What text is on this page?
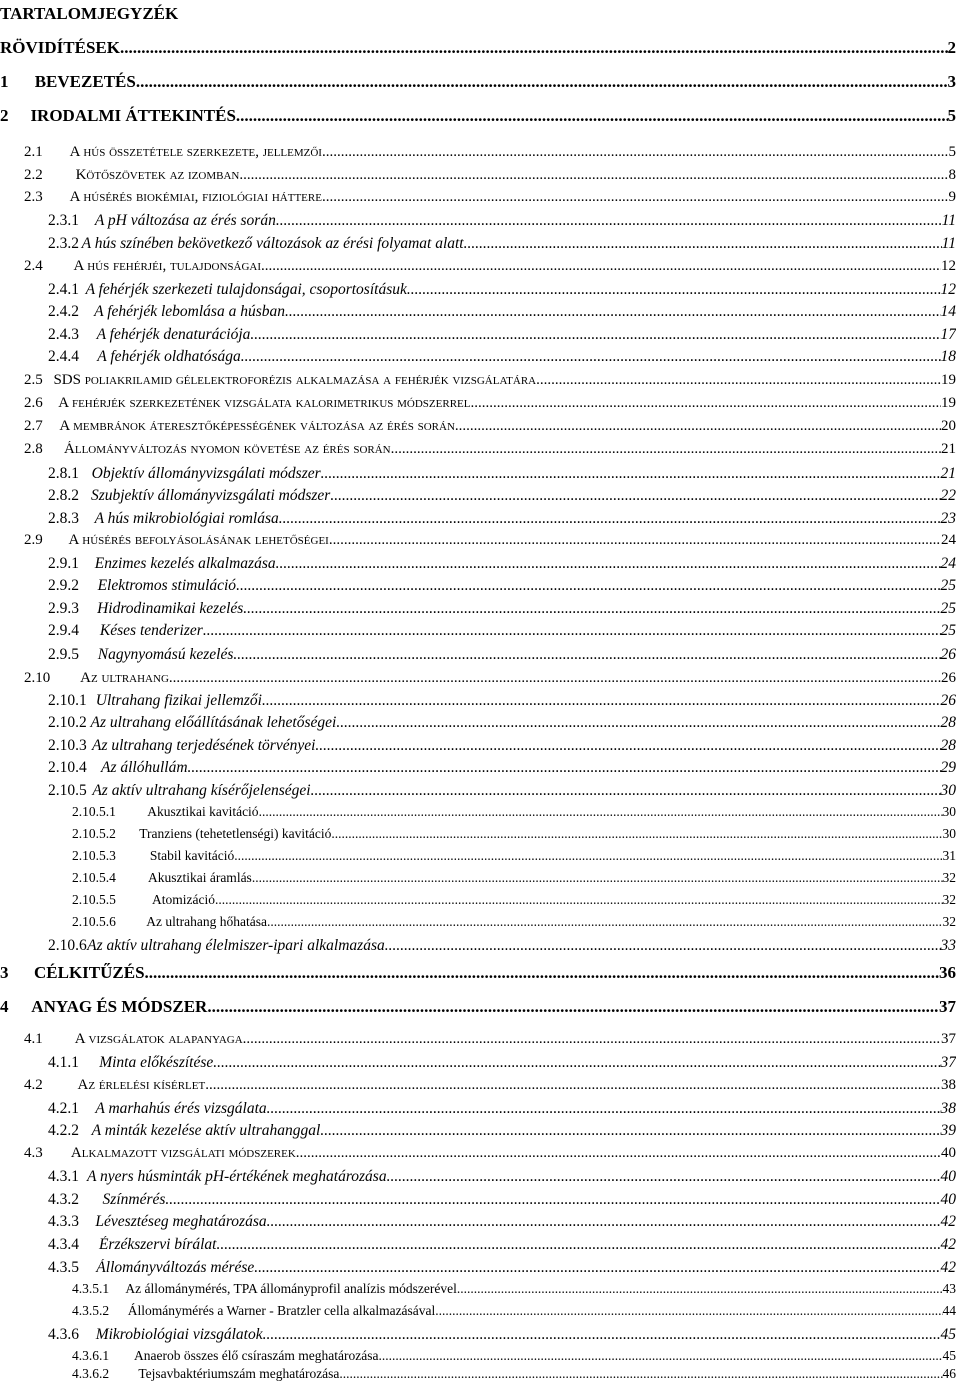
TARTALOMJEGYZÉK
RÖVIDÍTÉSEK .....	2
1	BEVEZETÉS .....	3
2	IRODALMI ÁTTEKINTÉS .....	5
2.1	A hús összetétele szerkezete, jellemzői .....	5
2.2	Kötőszövetek az izomban .....	8
2.3	A húsérés biokémiai, fiziológiai háttere .....	9
2.3.1	A pH változása az érés során .....	11
2.3.2 A hús színében bekövetkező változások az érési folyamat alatt .....	11
2.4	A hús fehérjéi, tulajdonságai .....	12
2.4.1 A fehérjék szerkezeti tulajdonságai, csoportosításuk .....	12
2.4.2 A fehérjék lebomlása a húsban .....	14
2.4.3	A fehérjék denaturációja .....	17
2.4.4	A fehérjék oldhatósága .....	18
2.5 SDS poliakrilamid gélelektroforézis alkalmazása a fehérjék vizsgálatára .....	19
2.6	A fehérjék szerkezetének vizsgálata kalorimetrikus módszerrel .....	19
2.7	A membránok áteresztőképességének változása az érés során .....	20
2.8	Állományváltozás nyomon követése az érés során .....	21
2.8.1 Objektív állományvizsgálati módszer .....	21
2.8.2 Szubjektív állományvizsgálati módszer .....	22
2.8.3	A hús mikrobiológiai romlása .....	23
2.9	A húsérés befolyásolásának lehetőségei .....	24
2.9.1	Enzimes kezelés alkalmazása .....	24
2.9.2	Elektromos stimuláció .....	25
2.9.3	Hidrodinamikai kezelés .....	25
2.9.4	Késes tenderizer .....	25
2.9.5	Nagynyomású kezelés .....	26
2.10	Az ultrahang .....	26
2.10.1 Ultrahang fizikai jellemzői .....	26
2.10.2 Az ultrahang előállításának lehetőségei .....	28
2.10.3 Az ultrahang terjedésének törvényei .....	28
2.10.4 Az állóhullám .....	29
2.10.5 Az aktív ultrahang kísérőjelenségei .....	30
2.10.5.1	Akusztikai kavitáció .....	30
2.10.5.2	Tranziens (tehetetlenségi) kavitáció .....	30
2.10.5.3	Stabil kavitáció .....	31
2.10.5.4	Akusztikai áramlás .....	32
2.10.5.5	Atomizáció .....	32
2.10.5.6	Az ultrahang hőhatása .....	32
2.10.6 Az aktív ultrahang élelmiszer-ipari alkalmazása .....	33
3	CÉLKITŰZÉS .....	36
4	ANYAG ÉS MÓDSZER .....	37
4.1	A vizsgálatok alapanyaga .....	37
4.1.1	Minta előkészítése .....	37
4.2	Az érlelési kísérlet .....	38
4.2.1	A marhahús érés vizsgálata .....	38
4.2.2 A minták kezelése aktív ultrahanggal .....	39
4.3	Alkalmazott vizsgálati módszerek .....	40
4.3.1 A nyers húsminták pH-értékének meghatározása .....	40
4.3.2	Színmérés .....	40
4.3.3	Lévesztéseg meghatározása .....	42
4.3.4	Érzékszervi bírálat .....	42
4.3.5	Állományváltozás mérése .....	42
4.3.5.1	Az állománymérés, TPA állományprofil analízis módszerével .....	43
4.3.5.2	Állománymérés a Warner - Bratzler cella alkalmazásával .....	44
4.3.6	Mikrobiológiai vizsgálatok .....	45
4.3.6.1	Anaerob összes élő csíraszám meghatározása .....	45
4.3.6.2	Tejsavbaktériumszám meghatározása .....	46
